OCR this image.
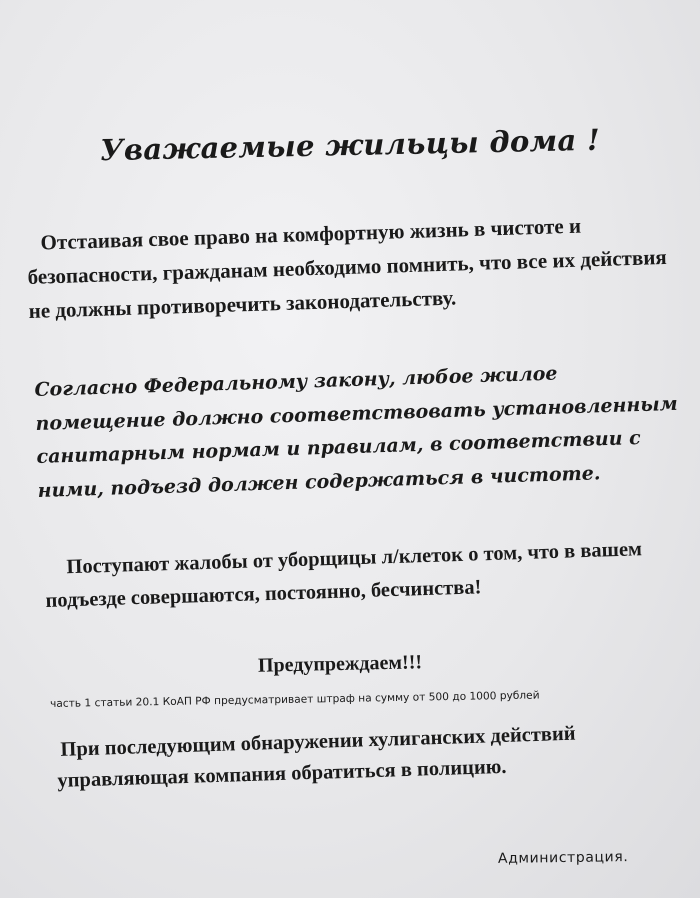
Уважаемые жильцы дома !
Отстаивая свое право на комфортную жизнь в чистоте и безопасности, гражданам необходимо помнить, что все их действия не должны противоречить законодательству.
Согласно Федеральному закону, любое жилое помещение должно соответствовать установленным санитарным нормам и правилам, в соответствии с ними, подъезд должен содержаться в чистоте.
Поступают жалобы от уборщицы л/клеток о том, что в вашем подъезде совершаются, постоянно, бесчинства!
Предупреждаем!!!
часть 1 статьи 20.1 КоАП РФ предусматривает штраф на сумму от 500 до 1000 рублей
При последующим обнаружении хулиганских действий управляющая компания обратиться в полицию.
Администрация.
